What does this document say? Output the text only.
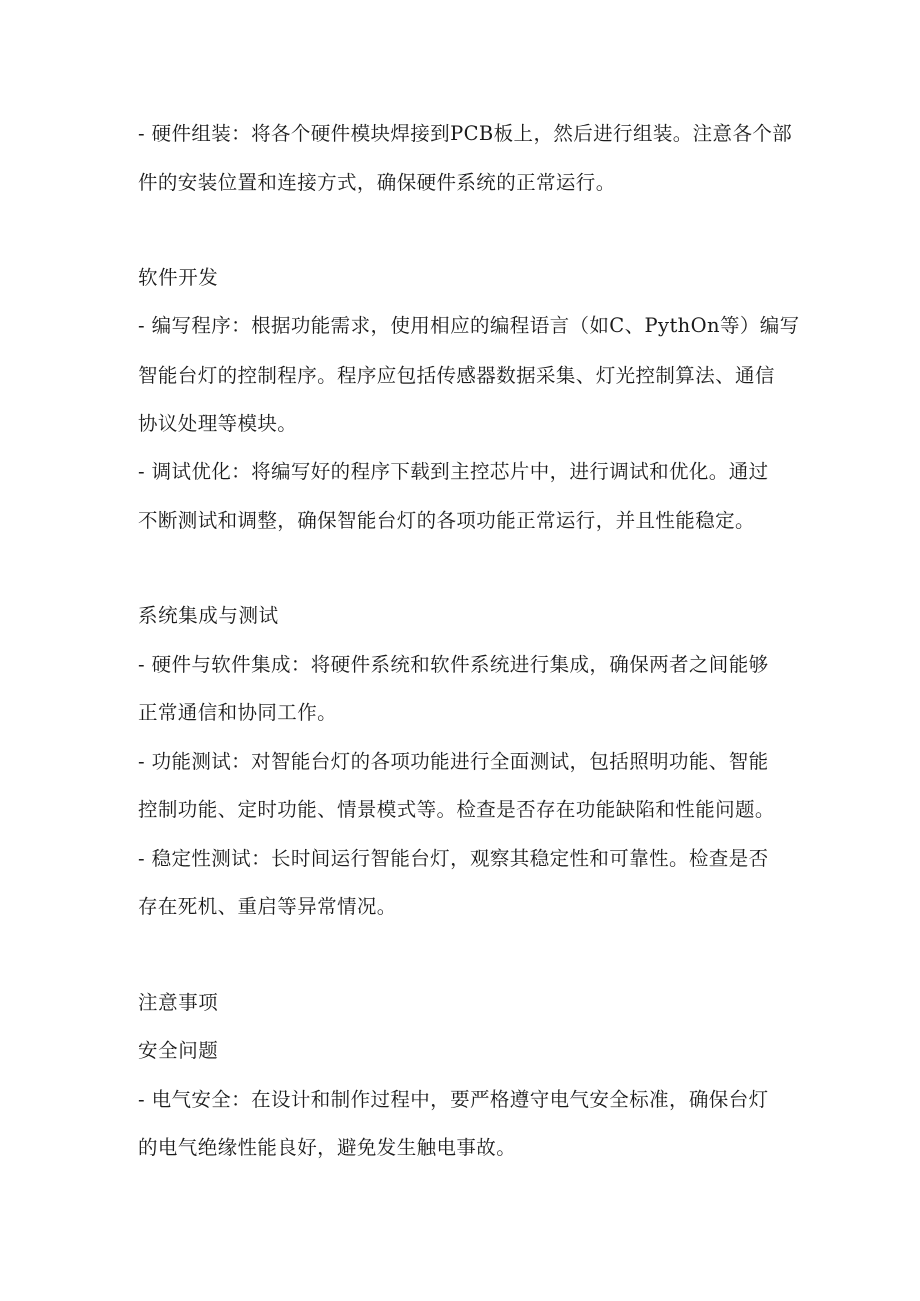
- 硬件组装：将各个硬件模块焊接到PCB板上，然后进行组装。注意各个部
件的安装位置和连接方式，确保硬件系统的正常运行。
软件开发
- 编写程序：根据功能需求，使用相应的编程语言（如C、PythOn等）编写
智能台灯的控制程序。程序应包括传感器数据采集、灯光控制算法、通信
协议处理等模块。
- 调试优化：将编写好的程序下载到主控芯片中，进行调试和优化。通过
不断测试和调整，确保智能台灯的各项功能正常运行，并且性能稳定。
系统集成与测试
- 硬件与软件集成：将硬件系统和软件系统进行集成，确保两者之间能够
正常通信和协同工作。
- 功能测试：对智能台灯的各项功能进行全面测试，包括照明功能、智能
控制功能、定时功能、情景模式等。检查是否存在功能缺陷和性能问题。
- 稳定性测试：长时间运行智能台灯，观察其稳定性和可靠性。检查是否
存在死机、重启等异常情况。
注意事项
安全问题
- 电气安全：在设计和制作过程中，要严格遵守电气安全标准，确保台灯
的电气绝缘性能良好，避免发生触电事故。
